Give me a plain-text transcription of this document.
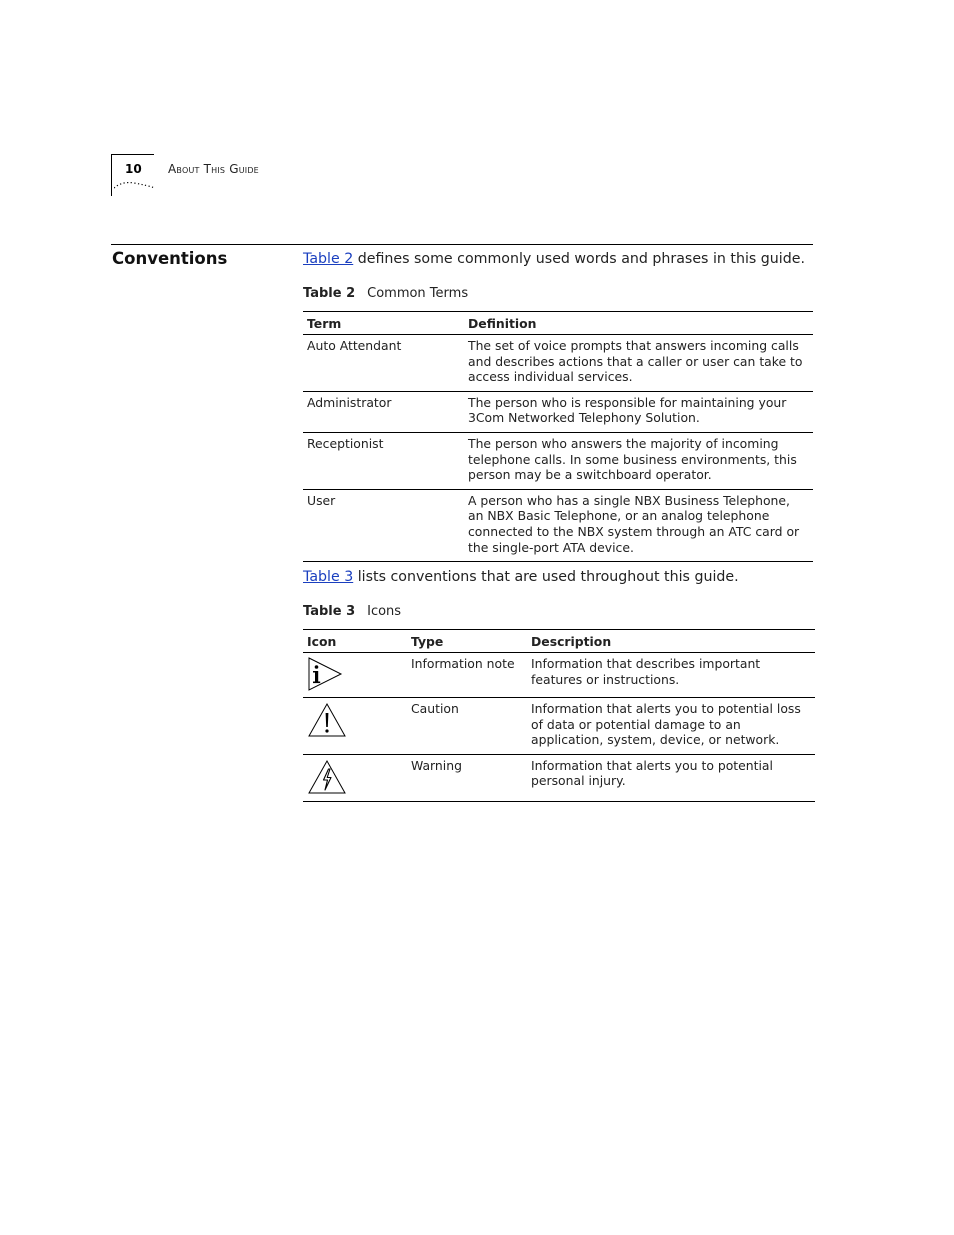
10 About This Guide
Conventions	Table 2 defines some commonly used words and phrases in this guide.
Table 2 Common Terms
Term	Definition
Auto Attendant	The set of voice prompts that answers incoming calls and describes actions that a caller or user can take to access individual services.
Administrator	The person who is responsible for maintaining your 3Com Networked Telephony Solution.
Receptionist	The person who answers the majority of incoming telephone calls. In some business environments, this person may be a switchboard operator.
User	A person who has a single NBX Business Telephone, an NBX Basic Telephone, or an analog telephone connected to the NBX system through an ATC card or the single-port ATA device.
Table 3 lists conventions that are used throughout this guide.
Table 3 Icons
Icon	Type	Description

	Information note	Information that describes important features or instructions.

	Caution	Information that alerts you to potential loss of data or potential damage to an application, system, device, or network.

	Warning	Information that alerts you to potential personal injury.
